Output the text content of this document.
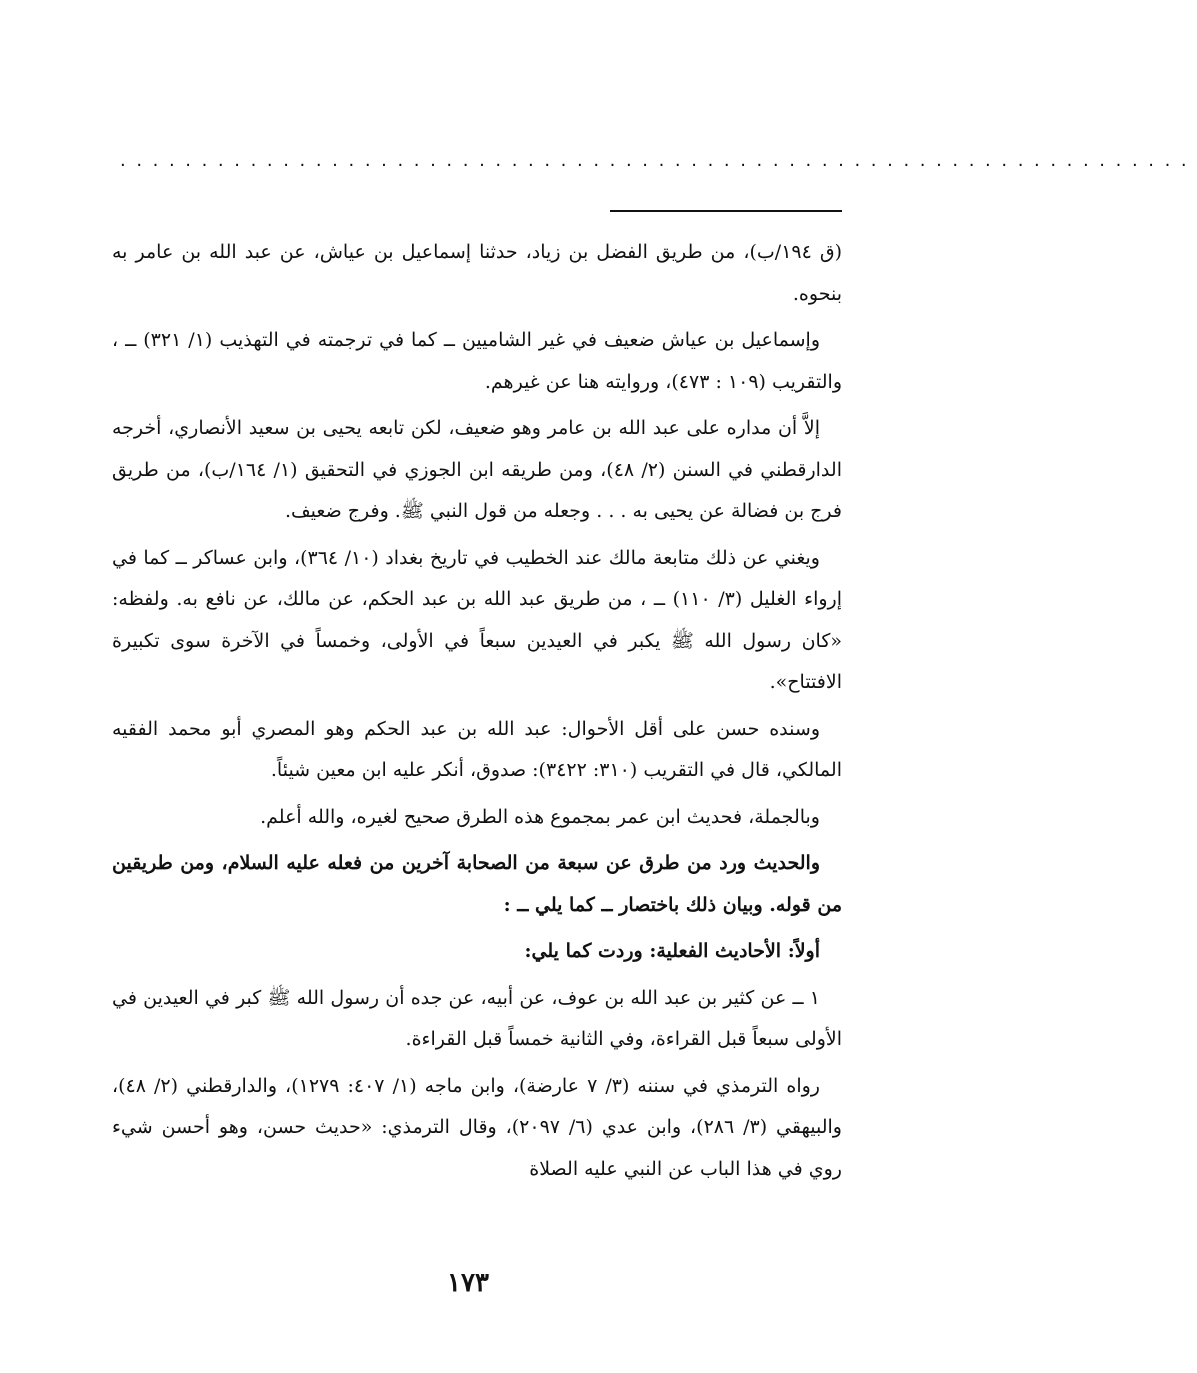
..................................................................

(ق ١٩٤/ب)، من طريق الفضل بن زياد، حدثنا إسماعيل بن عياش، عن عبد الله بن عامر به بنحوه.

وإسماعيل بن عياش ضعيف في غير الشاميين ــ كما في ترجمته في التهذيب (١/ ٣٢١) ــ ، والتقريب (١٠٩ : ٤٧٣)، وروايته هنا عن غيرهم.

إلاَّ أن مداره على عبد الله بن عامر وهو ضعيف، لكن تابعه يحيى بن سعيد الأنصاري، أخرجه الدارقطني في السنن (٢/ ٤٨)، ومن طريقه ابن الجوزي في التحقيق (١/ ١٦٤/ب)، من طريق فرج بن فضالة عن يحيى به . . . وجعله من قول النبي ﷺ. وفرج ضعيف.

ويغني عن ذلك متابعة مالك عند الخطيب في تاريخ بغداد (١٠/ ٣٦٤)، وابن عساكر ــ كما في إرواء الغليل (٣/ ١١٠) ــ ، من طريق عبد الله بن عبد الحكم، عن مالك، عن نافع به. ولفظه: «كان رسول الله ﷺ يكبر في العيدين سبعاً في الأولى، وخمساً في الآخرة سوى تكبيرة الافتتاح».

وسنده حسن على أقل الأحوال: عبد الله بن عبد الحكم وهو المصري أبو محمد الفقيه المالكي، قال في التقريب (٣١٠: ٣٤٢٢): صدوق، أنكر عليه ابن معين شيئاً.

وبالجملة، فحديث ابن عمر بمجموع هذه الطرق صحيح لغيره، والله أعلم.

والحديث ورد من طرق عن سبعة من الصحابة آخرين من فعله عليه السلام، ومن طريقين من قوله. وبيان ذلك باختصار ــ كما يلي ــ :

أولاً: الأحاديث الفعلية: وردت كما يلي:

١ ــ عن كثير بن عبد الله بن عوف، عن أبيه، عن جده أن رسول الله ﷺ كبر في العيدين في الأولى سبعاً قبل القراءة، وفي الثانية خمساً قبل القراءة.

رواه الترمذي في سننه (٣/ ٧ عارضة)، وابن ماجه (١/ ٤٠٧: ١٢٧٩)، والدارقطني (٢/ ٤٨)، والبيهقي (٣/ ٢٨٦)، وابن عدي (٦/ ٢٠٩٧)، وقال الترمذي: «حديث حسن، وهو أحسن شيء روي في هذا الباب عن النبي عليه الصلاة

١٧٣
